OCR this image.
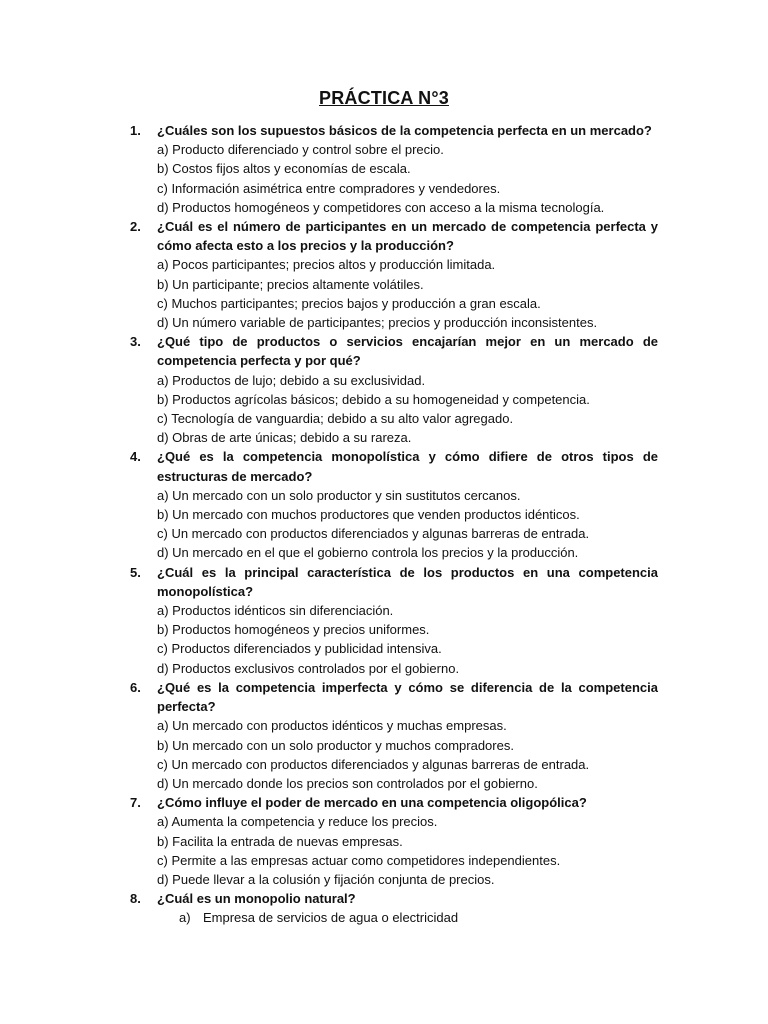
PRÁCTICA N°3
1. ¿Cuáles son los supuestos básicos de la competencia perfecta en un mercado?
a) Producto diferenciado y control sobre el precio.
b) Costos fijos altos y economías de escala.
c) Información asimétrica entre compradores y vendedores.
d) Productos homogéneos y competidores con acceso a la misma tecnología.
2. ¿Cuál es el número de participantes en un mercado de competencia perfecta y cómo afecta esto a los precios y la producción?
a) Pocos participantes; precios altos y producción limitada.
b) Un participante; precios altamente volátiles.
c) Muchos participantes; precios bajos y producción a gran escala.
d) Un número variable de participantes; precios y producción inconsistentes.
3. ¿Qué tipo de productos o servicios encajarían mejor en un mercado de competencia perfecta y por qué?
a) Productos de lujo; debido a su exclusividad.
b) Productos agrícolas básicos; debido a su homogeneidad y competencia.
c) Tecnología de vanguardia; debido a su alto valor agregado.
d) Obras de arte únicas; debido a su rareza.
4. ¿Qué es la competencia monopolística y cómo difiere de otros tipos de estructuras de mercado?
a) Un mercado con un solo productor y sin sustitutos cercanos.
b) Un mercado con muchos productores que venden productos idénticos.
c) Un mercado con productos diferenciados y algunas barreras de entrada.
d) Un mercado en el que el gobierno controla los precios y la producción.
5. ¿Cuál es la principal característica de los productos en una competencia monopolística?
a) Productos idénticos sin diferenciación.
b) Productos homogéneos y precios uniformes.
c) Productos diferenciados y publicidad intensiva.
d) Productos exclusivos controlados por el gobierno.
6. ¿Qué es la competencia imperfecta y cómo se diferencia de la competencia perfecta?
a) Un mercado con productos idénticos y muchas empresas.
b) Un mercado con un solo productor y muchos compradores.
c) Un mercado con productos diferenciados y algunas barreras de entrada.
d) Un mercado donde los precios son controlados por el gobierno.
7. ¿Cómo influye el poder de mercado en una competencia oligopólica?
a) Aumenta la competencia y reduce los precios.
b) Facilita la entrada de nuevas empresas.
c) Permite a las empresas actuar como competidores independientes.
d) Puede llevar a la colusión y fijación conjunta de precios.
8. ¿Cuál es un monopolio natural?
a) Empresa de servicios de agua o electricidad
